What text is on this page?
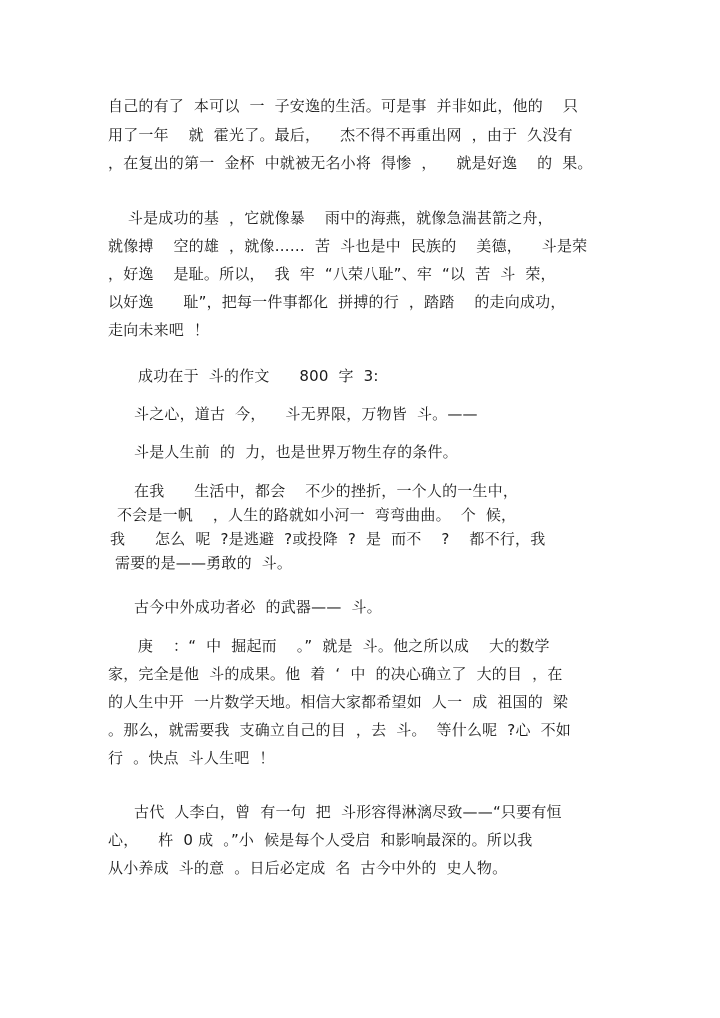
自己的有了  本可以  一  子安逸的生活。可是事  并非如此，他的    只
用了一年    就  霍光了。最后，    杰不得不再重出网  ，由于  久没有
，在复出的第一  金杯  中就被无名小将  得惨  ，    就是好逸    的  果。
斗是成功的基  ，它就像暴    雨中的海燕，就像急湍甚箭之舟，
就像搏    空的雄  ，就像……  苦  斗也是中  民族的    美德，    斗是荣
，好逸    是耻。所以，  我  牢  “八荣八耻”、牢  “以  苦  斗  荣，
以好逸      耻”，把每一件事都化  拼搏的行  ，踏踏    的走向成功，
走向未来吧  ！
成功在于  斗的作文      800  字  3:
斗之心，道古  今，    斗无界限，万物皆  斗。——
斗是人生前  的  力，也是世界万物生存的条件。
在我      生活中，都会    不少的挫折，一个人的一生中，
不会是一帆    ，人生的路就如小河一  弯弯曲曲。  个  候，
我      怎么  呢  ?是逃避  ?或投降  ?  是  而不    ?    都不行，我
需要的是——勇敢的  斗。
古今中外成功者必  的武器——  斗。
庚    ：“  中  掘起而    。”  就是  斗。他之所以成    大的数学
家，完全是他  斗的成果。他  着  ‘  中  的决心确立了  大的目  ，在
的人生中开  一片数学天地。相信大家都希望如  人一  成  祖国的  梁
。那么，就需要我  支确立自己的目  ，去  斗。  等什么呢  ?心  不如
行  。快点  斗人生吧  ！
古代  人李白，曾  有一句  把  斗形容得淋漓尽致——“只要有恒
心，    杵  0 成  。”小  候是每个人受启  和影响最深的。所以我
从小养成  斗的意  。日后必定成  名  古今中外的  史人物。
